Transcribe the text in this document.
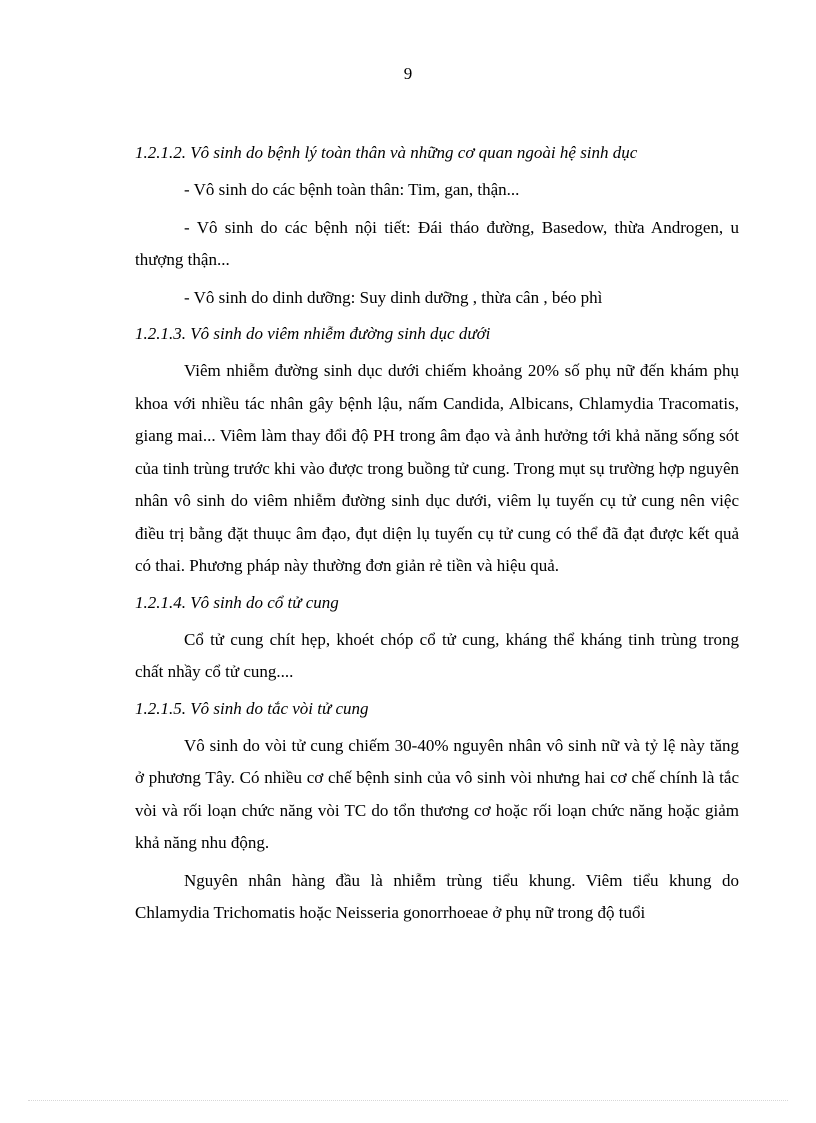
9

1.2.1.2. Vô sinh do bệnh lý toàn thân và những cơ quan ngoài hệ sinh dục

- Vô sinh do các bệnh toàn thân: Tim, gan, thận...

- Vô sinh do các bệnh nội tiết: Đái tháo đường, Basedow, thừa Androgen, u thượng thận...

- Vô sinh do dinh dưỡng: Suy dinh dưỡng , thừa cân , béo phì

1.2.1.3. Vô sinh do viêm nhiễm đường sinh dục dưới

Viêm nhiễm đường sinh dục dưới chiếm khoảng 20% số phụ nữ đến khám phụ khoa với nhiều tác nhân gây bệnh lậu, nấm Candida, Albicans, Chlamydia Tracomatis, giang mai... Viêm làm thay đổi độ PH trong âm đạo và ảnh hưởng tới khả năng sống sót của tinh trùng trước khi vào được trong buồng tử cung. Trong mụt sụ trường hợp nguyên nhân vô sinh do viêm nhiễm đường sinh dục dưới, viêm lụ tuyến cụ tử cung nên việc điều trị bằng đặt thuục âm đạo, đụt diện lụ tuyến cụ tử cung có thể đã đạt được kết quả có thai. Phương pháp này thường đơn giản rẻ tiền và hiệu quả.

1.2.1.4. Vô sinh do cổ tử cung

Cổ tử cung chít hẹp, khoét chóp cổ tử cung, kháng thể kháng tinh trùng trong chất nhầy cổ tử cung....

1.2.1.5. Vô sinh do tắc vòi tử cung

Vô sinh do vòi tử cung chiếm 30-40% nguyên nhân vô sinh nữ và tỷ lệ này tăng ở phương Tây. Có nhiều cơ chế bệnh sinh của vô sinh vòi nhưng hai cơ chế chính là tắc vòi và rối loạn chức năng vòi TC do tổn thương cơ hoặc rối loạn chức năng hoặc giảm khả năng nhu động.

Nguyên nhân hàng đầu là nhiễm trùng tiểu khung. Viêm tiểu khung do Chlamydia Trichomatis hoặc Neisseria gonorrhoeae ở phụ nữ trong độ tuổi
